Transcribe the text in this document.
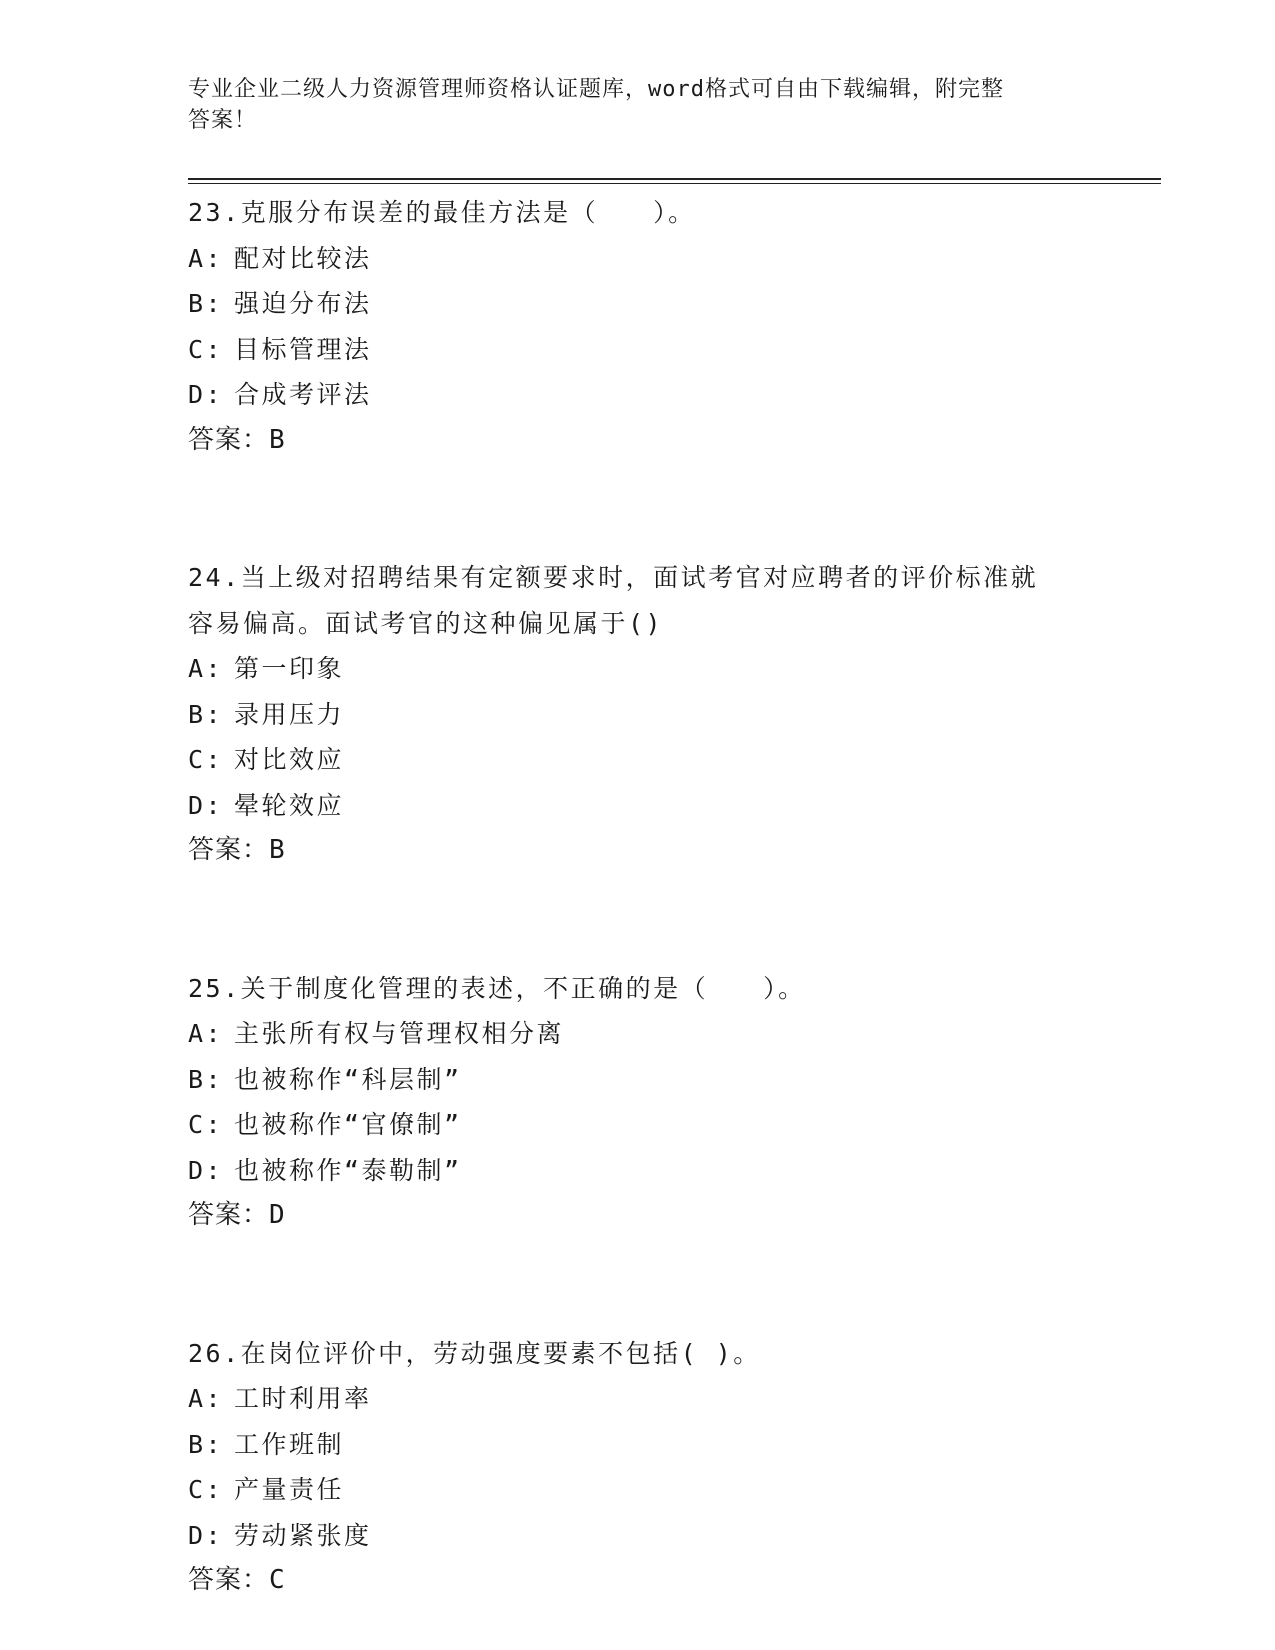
专业企业二级人力资源管理师资格认证题库，word格式可自由下载编辑，附完整
答案！

23.克服分布误差的最佳方法是（　　）。

A: 配对比较法

B: 强迫分布法

C: 目标管理法

D: 合成考评法

答案：B

24.当上级对招聘结果有定额要求时，面试考官对应聘者的评价标准就

容易偏高。面试考官的这种偏见属于()

A: 第一印象

B: 录用压力

C: 对比效应

D: 晕轮效应

答案：B

25.关于制度化管理的表述，不正确的是（　　）。

A: 主张所有权与管理权相分离

B: 也被称作“科层制”

C: 也被称作“官僚制”

D: 也被称作“泰勒制”

答案：D

26.在岗位评价中，劳动强度要素不包括( )。

A: 工时利用率

B: 工作班制

C: 产量责任

D: 劳动紧张度

答案：C
